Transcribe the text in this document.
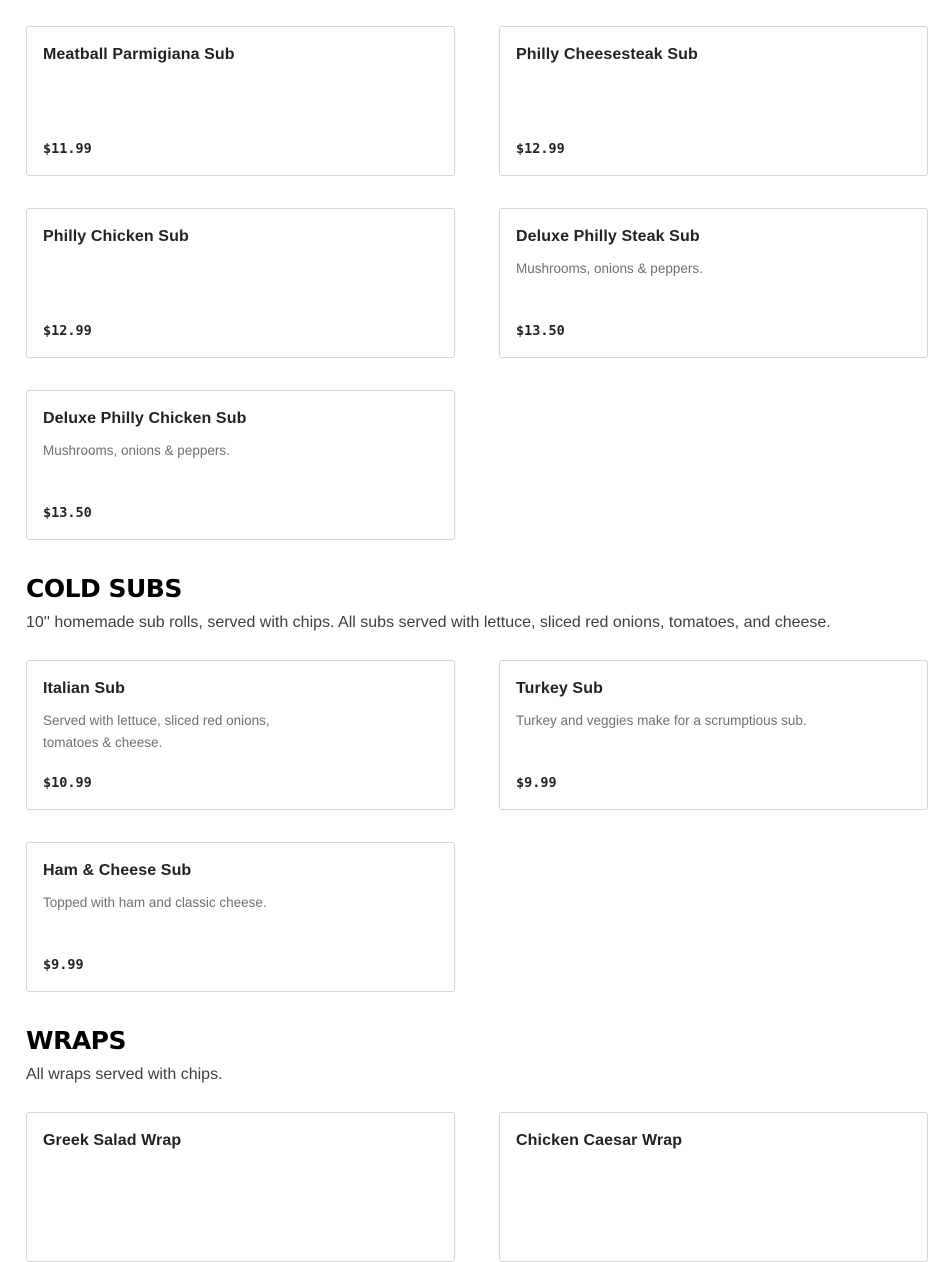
Meatball Parmigiana Sub
$11.99
Philly Cheesesteak Sub
$12.99
Philly Chicken Sub
$12.99
Deluxe Philly Steak Sub
Mushrooms, onions & peppers.
$13.50
Deluxe Philly Chicken Sub
Mushrooms, onions & peppers.
$13.50
COLD SUBS

10'' homemade sub rolls, served with chips. All subs served with lettuce, sliced red onions, tomatoes, and cheese.

Italian Sub
Served with lettuce, sliced red onions, tomatoes & cheese.
$10.99
Turkey Sub
Turkey and veggies make for a scrumptious sub.
$9.99
Ham & Cheese Sub
Topped with ham and classic cheese.
$9.99
WRAPS

All wraps served with chips.

Greek Salad Wrap	Chicken Caesar Wrap
